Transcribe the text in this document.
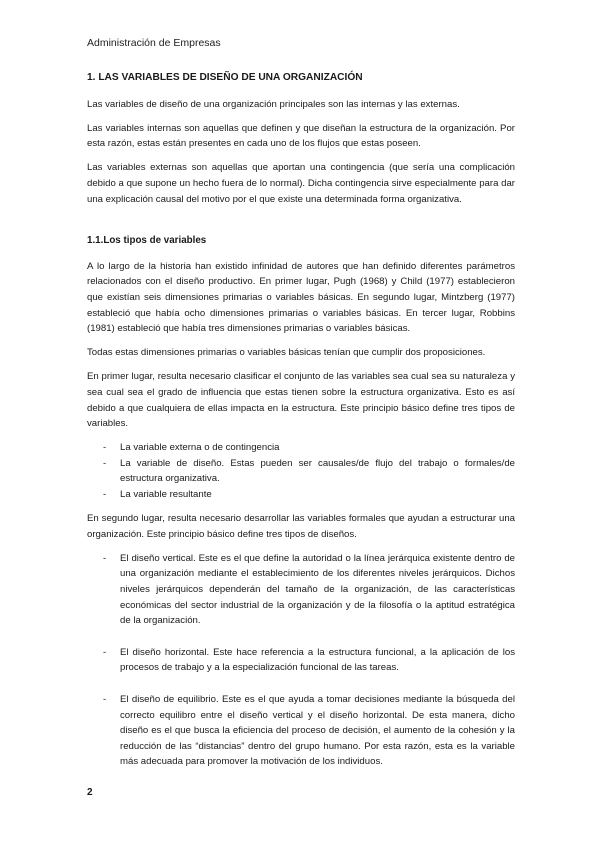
Administración de Empresas
1. LAS VARIABLES DE DISEÑO DE UNA ORGANIZACIÓN

Las variables de diseño de una organización principales son las internas y las externas.

Las variables internas son aquellas que definen y que diseñan la estructura de la organización. Por esta razón, estas están presentes en cada uno de los flujos que estas poseen.

Las variables externas son aquellas que aportan una contingencia (que sería una complicación debido a que supone un hecho fuera de lo normal). Dicha contingencia sirve especialmente para dar una explicación causal del motivo por el que existe una determinada forma organizativa.

1.1.Los tipos de variables

A lo largo de la historia han existido infinidad de autores que han definido diferentes parámetros relacionados con el diseño productivo. En primer lugar, Pugh (1968) y Child (1977) establecieron que existían seis dimensiones primarias o variables básicas. En segundo lugar, Mintzberg (1977) estableció que había ocho dimensiones primarias o variables básicas. En tercer lugar, Robbins (1981) estableció que había tres dimensiones primarias o variables básicas.

Todas estas dimensiones primarias o variables básicas tenían que cumplir dos proposiciones.

En primer lugar, resulta necesario clasificar el conjunto de las variables sea cual sea su naturaleza y sea cual sea el grado de influencia que estas tienen sobre la estructura organizativa. Esto es así debido a que cualquiera de ellas impacta en la estructura. Este principio básico define tres tipos de variables.

- La variable externa o de contingencia
- La variable de diseño. Estas pueden ser causales/de flujo del trabajo o formales/de estructura organizativa.
- La variable resultante

En segundo lugar, resulta necesario desarrollar las variables formales que ayudan a estructurar una organización. Este principio básico define tres tipos de diseños.

- El diseño vertical. Este es el que define la autoridad o la línea jerárquica existente dentro de una organización mediante el establecimiento de los diferentes niveles jerárquicos. Dichos niveles jerárquicos dependerán del tamaño de la organización, de las características económicas del sector industrial de la organización y de la filosofía o la aptitud estratégica de la organización.
- El diseño horizontal. Este hace referencia a la estructura funcional, a la aplicación de los procesos de trabajo y a la especialización funcional de las tareas.
- El diseño de equilibrio. Este es el que ayuda a tomar decisiones mediante la búsqueda del correcto equilibro entre el diseño vertical y el diseño horizontal. De esta manera, dicho diseño es el que busca la eficiencia del proceso de decisión, el aumento de la cohesión y la reducción de las “distancias” dentro del grupo humano. Por esta razón, esta es la variable más adecuada para promover la motivación de los individuos.
2
